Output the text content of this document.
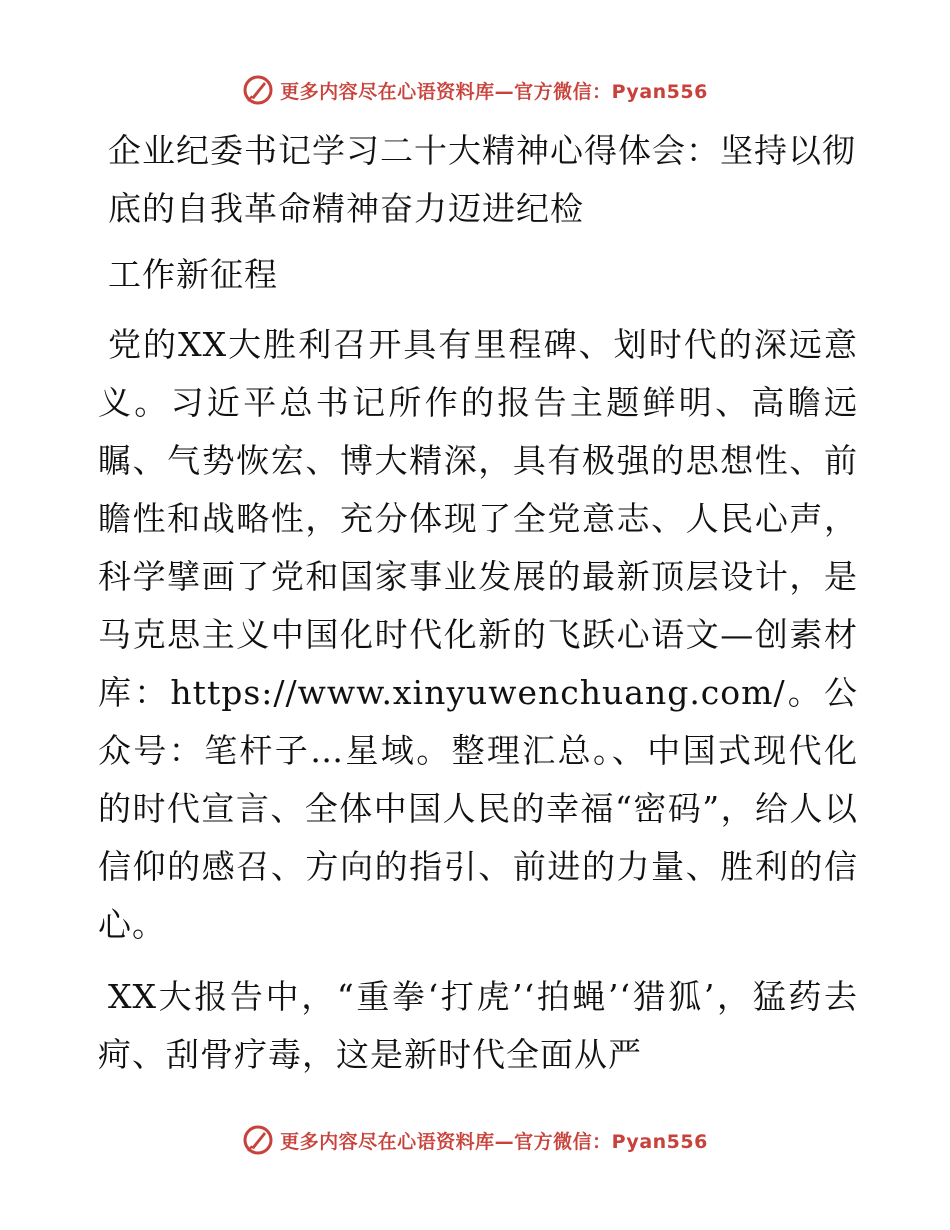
更多内容尽在心语资料库—官方微信：Pyan556
企业纪委书记学习二十大精神心得体会：坚持以彻底的自我革命精神奋力迈进纪检
工作新征程

党的XX大胜利召开具有里程碑、划时代的深远意义。习近平总书记所作的报告主题鲜明、高瞻远瞩、气势恢宏、博大精深，具有极强的思想性、前瞻性和战略性，充分体现了全党意志、人民心声，科学擘画了党和国家事业发展的最新顶层设计，是马克思主义中国化时代化新的飞跃心语文—创素材库：https://www.xinyuwenchuang.com/。公众号：笔杆子…星域。整理汇总。、中国式现代化的时代宣言、全体中国人民的幸福“密码”，给人以信仰的感召、方向的指引、前进的力量、胜利的信心。

XX大报告中，“重拳‘打虎’‘拍蝇’‘猎狐’，猛药去疴、刮骨疗毒，这是新时代全面从严

更多内容尽在心语资料库—官方微信：Pyan556
